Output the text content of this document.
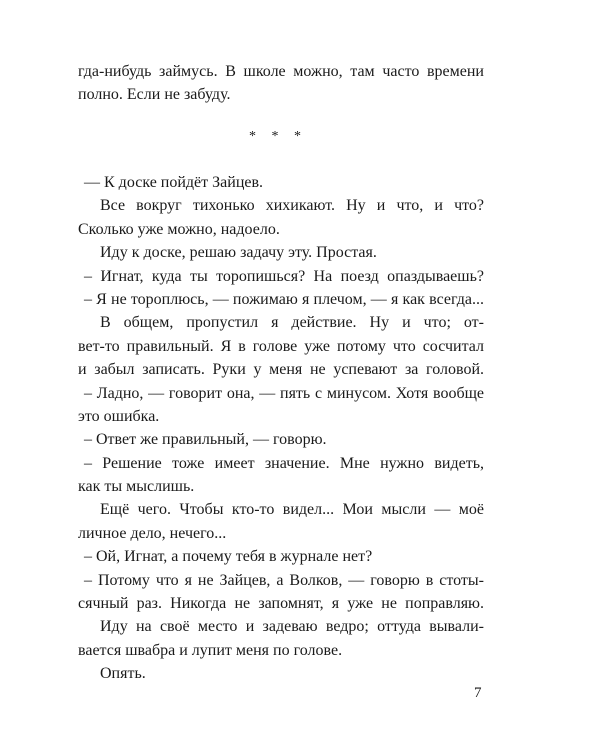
гда-нибудь займусь. В школе можно, там часто времени
полно. Если не забуду.
* * *
— К доске пойдёт Зайцев.
Все вокруг тихонько хихикают. Ну и что, и что?
Сколько уже можно, надоело.
Иду к доске, решаю задачу эту. Простая.
– Игнат, куда ты торопишься? На поезд опаздываешь?
– Я не тороплюсь, — пожимаю я плечом, — я как всегда...
В общем, пропустил я действие. Ну и что; от-
вет-то правильный. Я в голове уже потому что сосчитал
и забыл записать. Руки у меня не успевают за головой.
– Ладно, — говорит она, — пять с минусом. Хотя вообще
это ошибка.
– Ответ же правильный, — говорю.
– Решение тоже имеет значение. Мне нужно видеть,
как ты мыслишь.
Ещё чего. Чтобы кто-то видел... Мои мысли — моё
личное дело, нечего...
– Ой, Игнат, а почему тебя в журнале нет?
– Потому что я не Зайцев, а Волков, — говорю в стоты-
сячный раз. Никогда не запомнят, я уже не поправляю.
Иду на своё место и задеваю ведро; оттуда вывали-
вается швабра и лупит меня по голове.
Опять.
7
